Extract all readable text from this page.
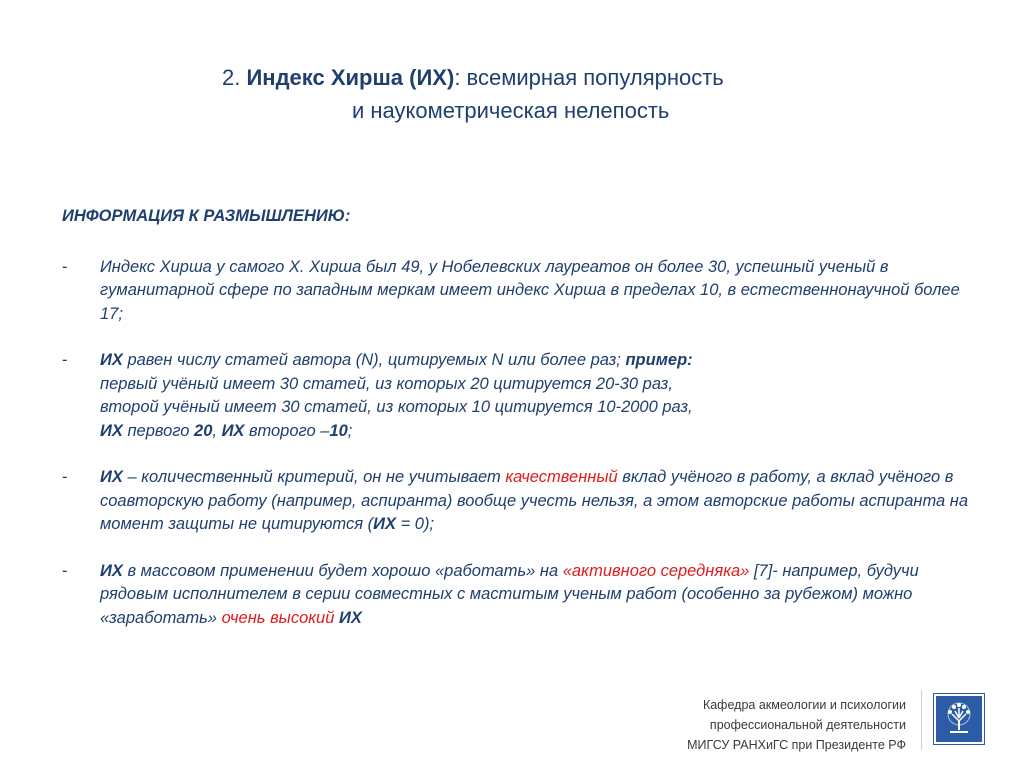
2. Индекс Хирша (ИХ): всемирная популярность
и наукометрическая нелепость
ИНФОРМАЦИЯ К РАЗМЫШЛЕНИЮ:
- Индекс Хирша у самого Х. Хирша был 49, у Нобелевских лауреатов он более 30, успешный ученый в гуманитарной сфере по западным меркам имеет индекс Хирша в пределах 10, в естественнонаучной более 17;

- ИХ равен числу статей автора (N), цитируемых N или более раз; пример:

первый учёный имеет 30 статей, из которых 20 цитируется 20-30 раз,

второй учёный имеет 30 статей, из которых 10 цитируется 10-2000 раз,

ИХ первого 20, ИХ второго –10;

- ИХ – количественный критерий, он не учитывает качественный вклад учёного в работу, а вклад учёного в соавторскую работу (например, аспиранта) вообще учесть нельзя, а этом авторские работы аспиранта на момент защиты не цитируются (ИХ = 0);

- ИХ в массовом применении будет хорошо «работать» на «активного середняка» [7]- например, будучи рядовым исполнителем в серии совместных с маститым ученым работ (особенно за рубежом) можно «заработать» очень высокий ИХ

Кафедра акмеологии и психологии
профессиональной деятельности
МИГСУ РАНХиГС при Президенте РФ
